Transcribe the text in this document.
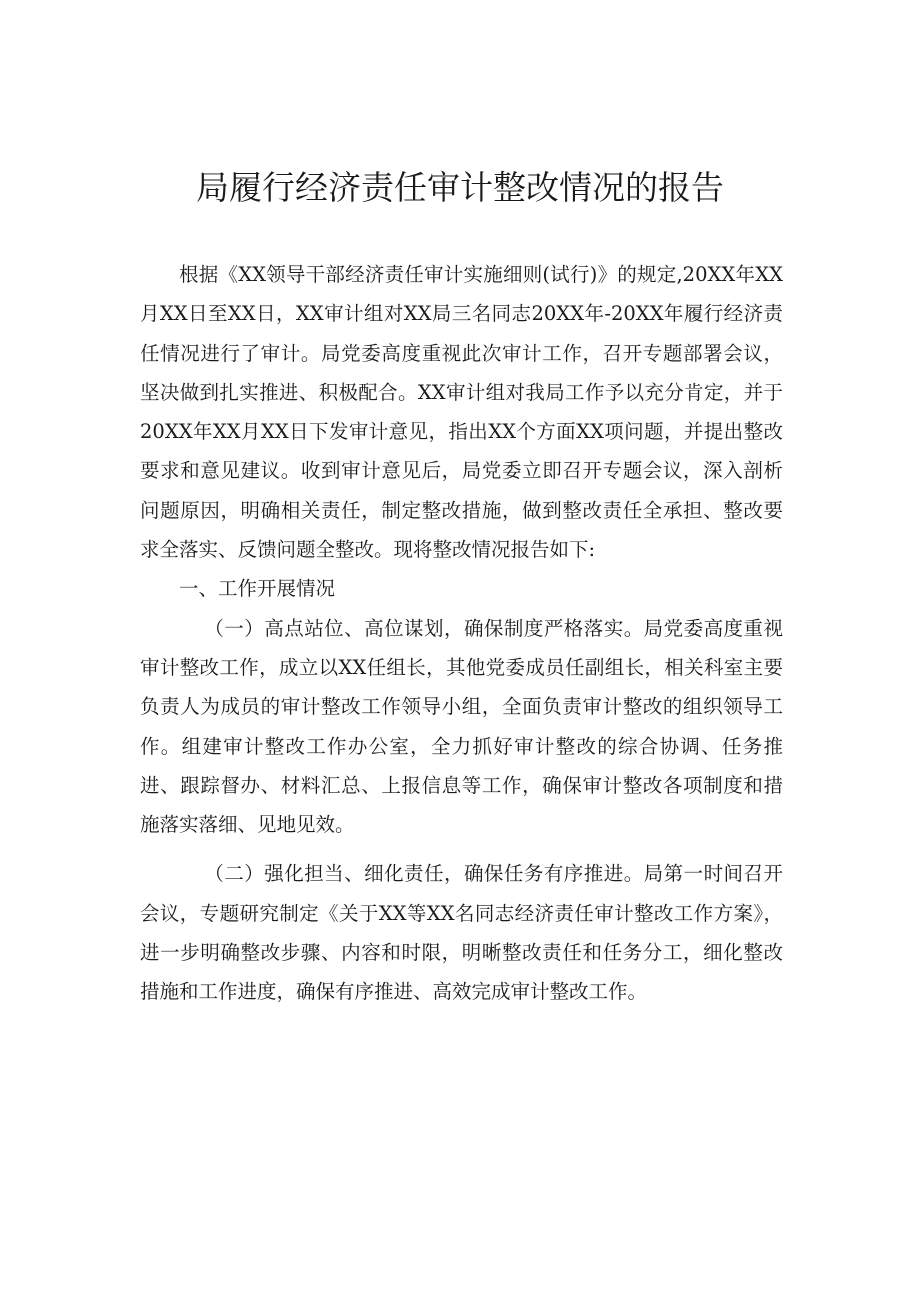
局履行经济责任审计整改情况的报告

根据《XX领导干部经济责任审计实施细则(试行)》的规定,20XX年XX月XX日至XX日，XX审计组对XX局三名同志20XX年-20XX年履行经济责任情况进行了审计。局党委高度重视此次审计工作，召开专题部署会议，坚决做到扎实推进、积极配合。XX审计组对我局工作予以充分肯定，并于20XX年XX月XX日下发审计意见，指出XX个方面XX项问题，并提出整改要求和意见建议。收到审计意见后，局党委立即召开专题会议，深入剖析问题原因，明确相关责任，制定整改措施，做到整改责任全承担、整改要求全落实、反馈问题全整改。现将整改情况报告如下:

一、工作开展情况

（一）高点站位、高位谋划，确保制度严格落实。局党委高度重视审计整改工作，成立以XX任组长，其他党委成员任副组长，相关科室主要负责人为成员的审计整改工作领导小组，全面负责审计整改的组织领导工作。组建审计整改工作办公室，全力抓好审计整改的综合协调、任务推进、跟踪督办、材料汇总、上报信息等工作，确保审计整改各项制度和措施落实落细、见地见效。

（二）强化担当、细化责任，确保任务有序推进。局第一时间召开会议，专题研究制定《关于XX等XX名同志经济责任审计整改工作方案》，进一步明确整改步骤、内容和时限，明晰整改责任和任务分工，细化整改措施和工作进度，确保有序推进、高效完成审计整改工作。
